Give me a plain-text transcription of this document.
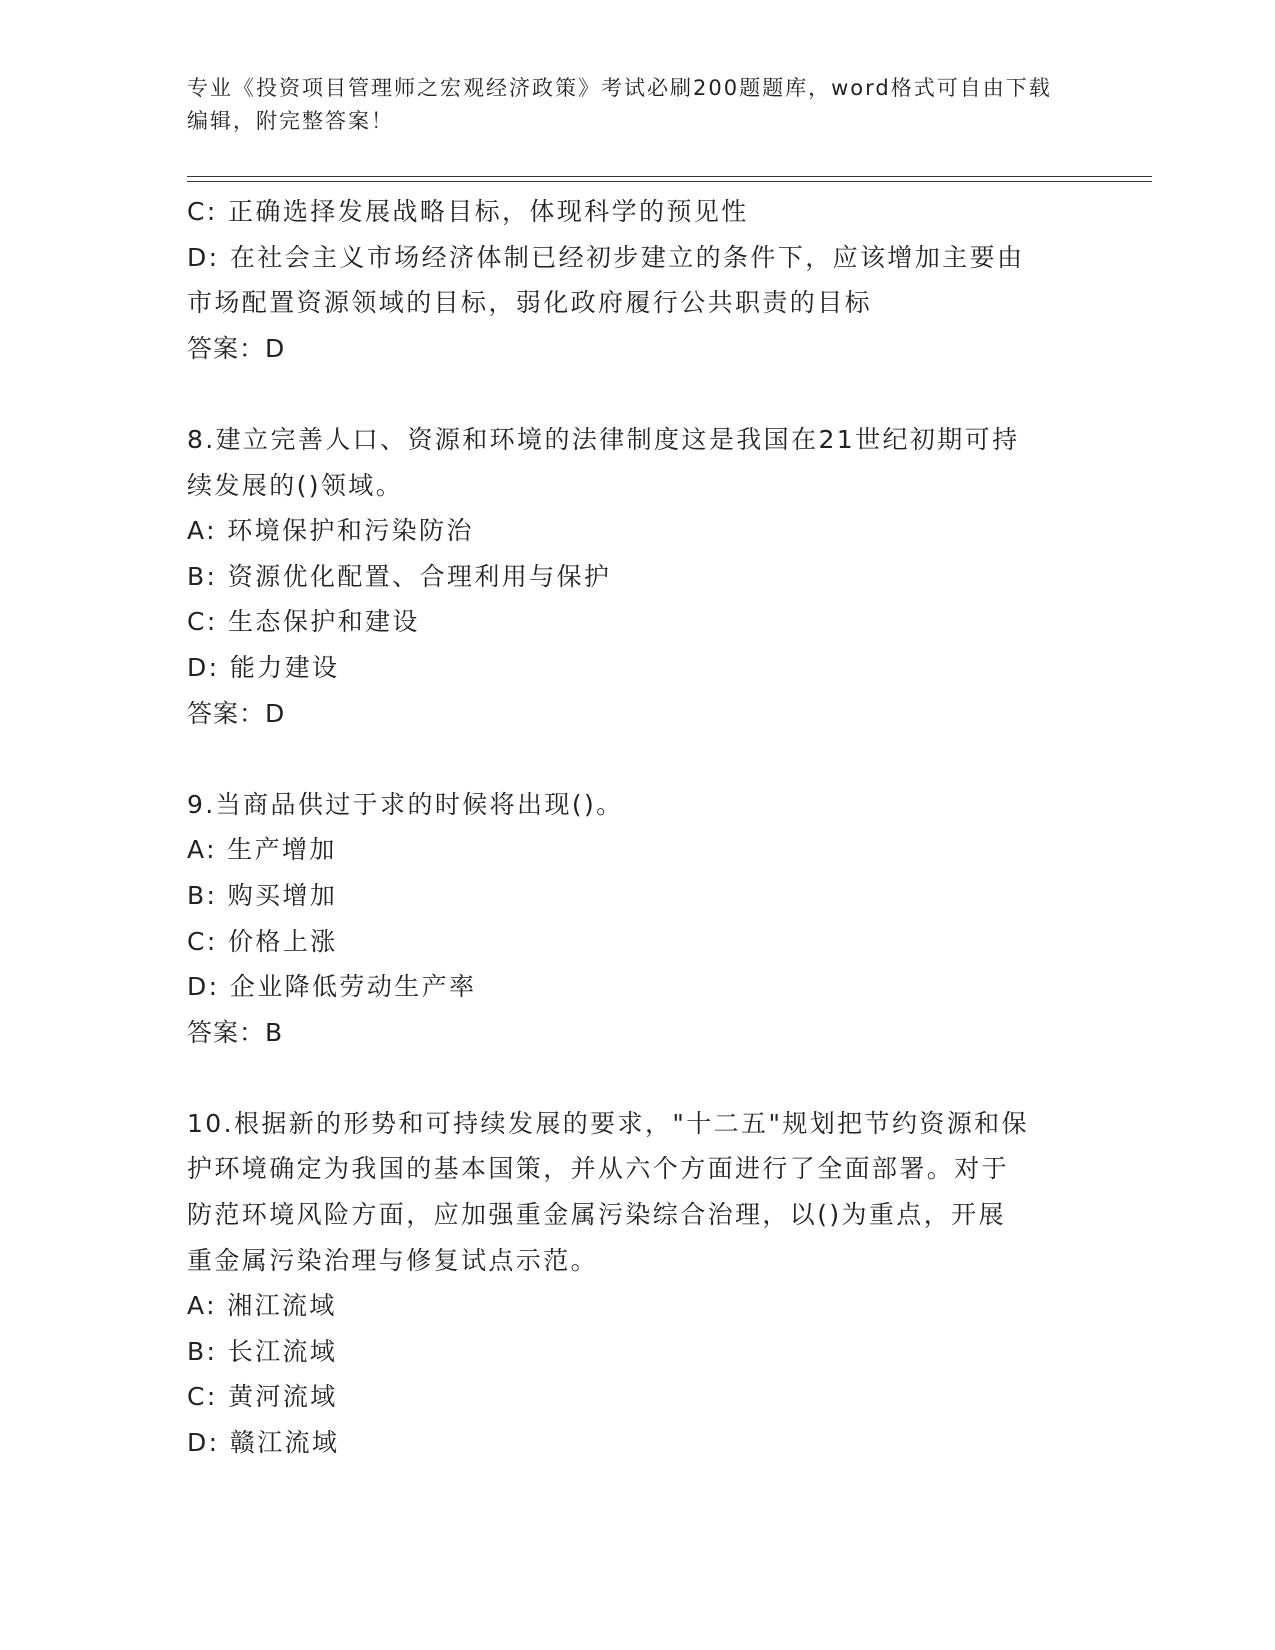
专业《投资项目管理师之宏观经济政策》考试必刷200题题库，word格式可自由下载编辑，附完整答案！
C: 正确选择发展战略目标，体现科学的预见性
D: 在社会主义市场经济体制已经初步建立的条件下，应该增加主要由
市场配置资源领域的目标，弱化政府履行公共职责的目标
答案：D
8.建立完善人口、资源和环境的法律制度这是我国在21世纪初期可持
续发展的()领域。
A: 环境保护和污染防治
B: 资源优化配置、合理利用与保护
C: 生态保护和建设
D: 能力建设
答案：D
9.当商品供过于求的时候将出现()。
A: 生产增加
B: 购买增加
C: 价格上涨
D: 企业降低劳动生产率
答案：B
10.根据新的形势和可持续发展的要求，"十二五"规划把节约资源和保
护环境确定为我国的基本国策，并从六个方面进行了全面部署。对于
防范环境风险方面，应加强重金属污染综合治理，以()为重点，开展
重金属污染治理与修复试点示范。
A: 湘江流域
B: 长江流域
C: 黄河流域
D: 赣江流域
